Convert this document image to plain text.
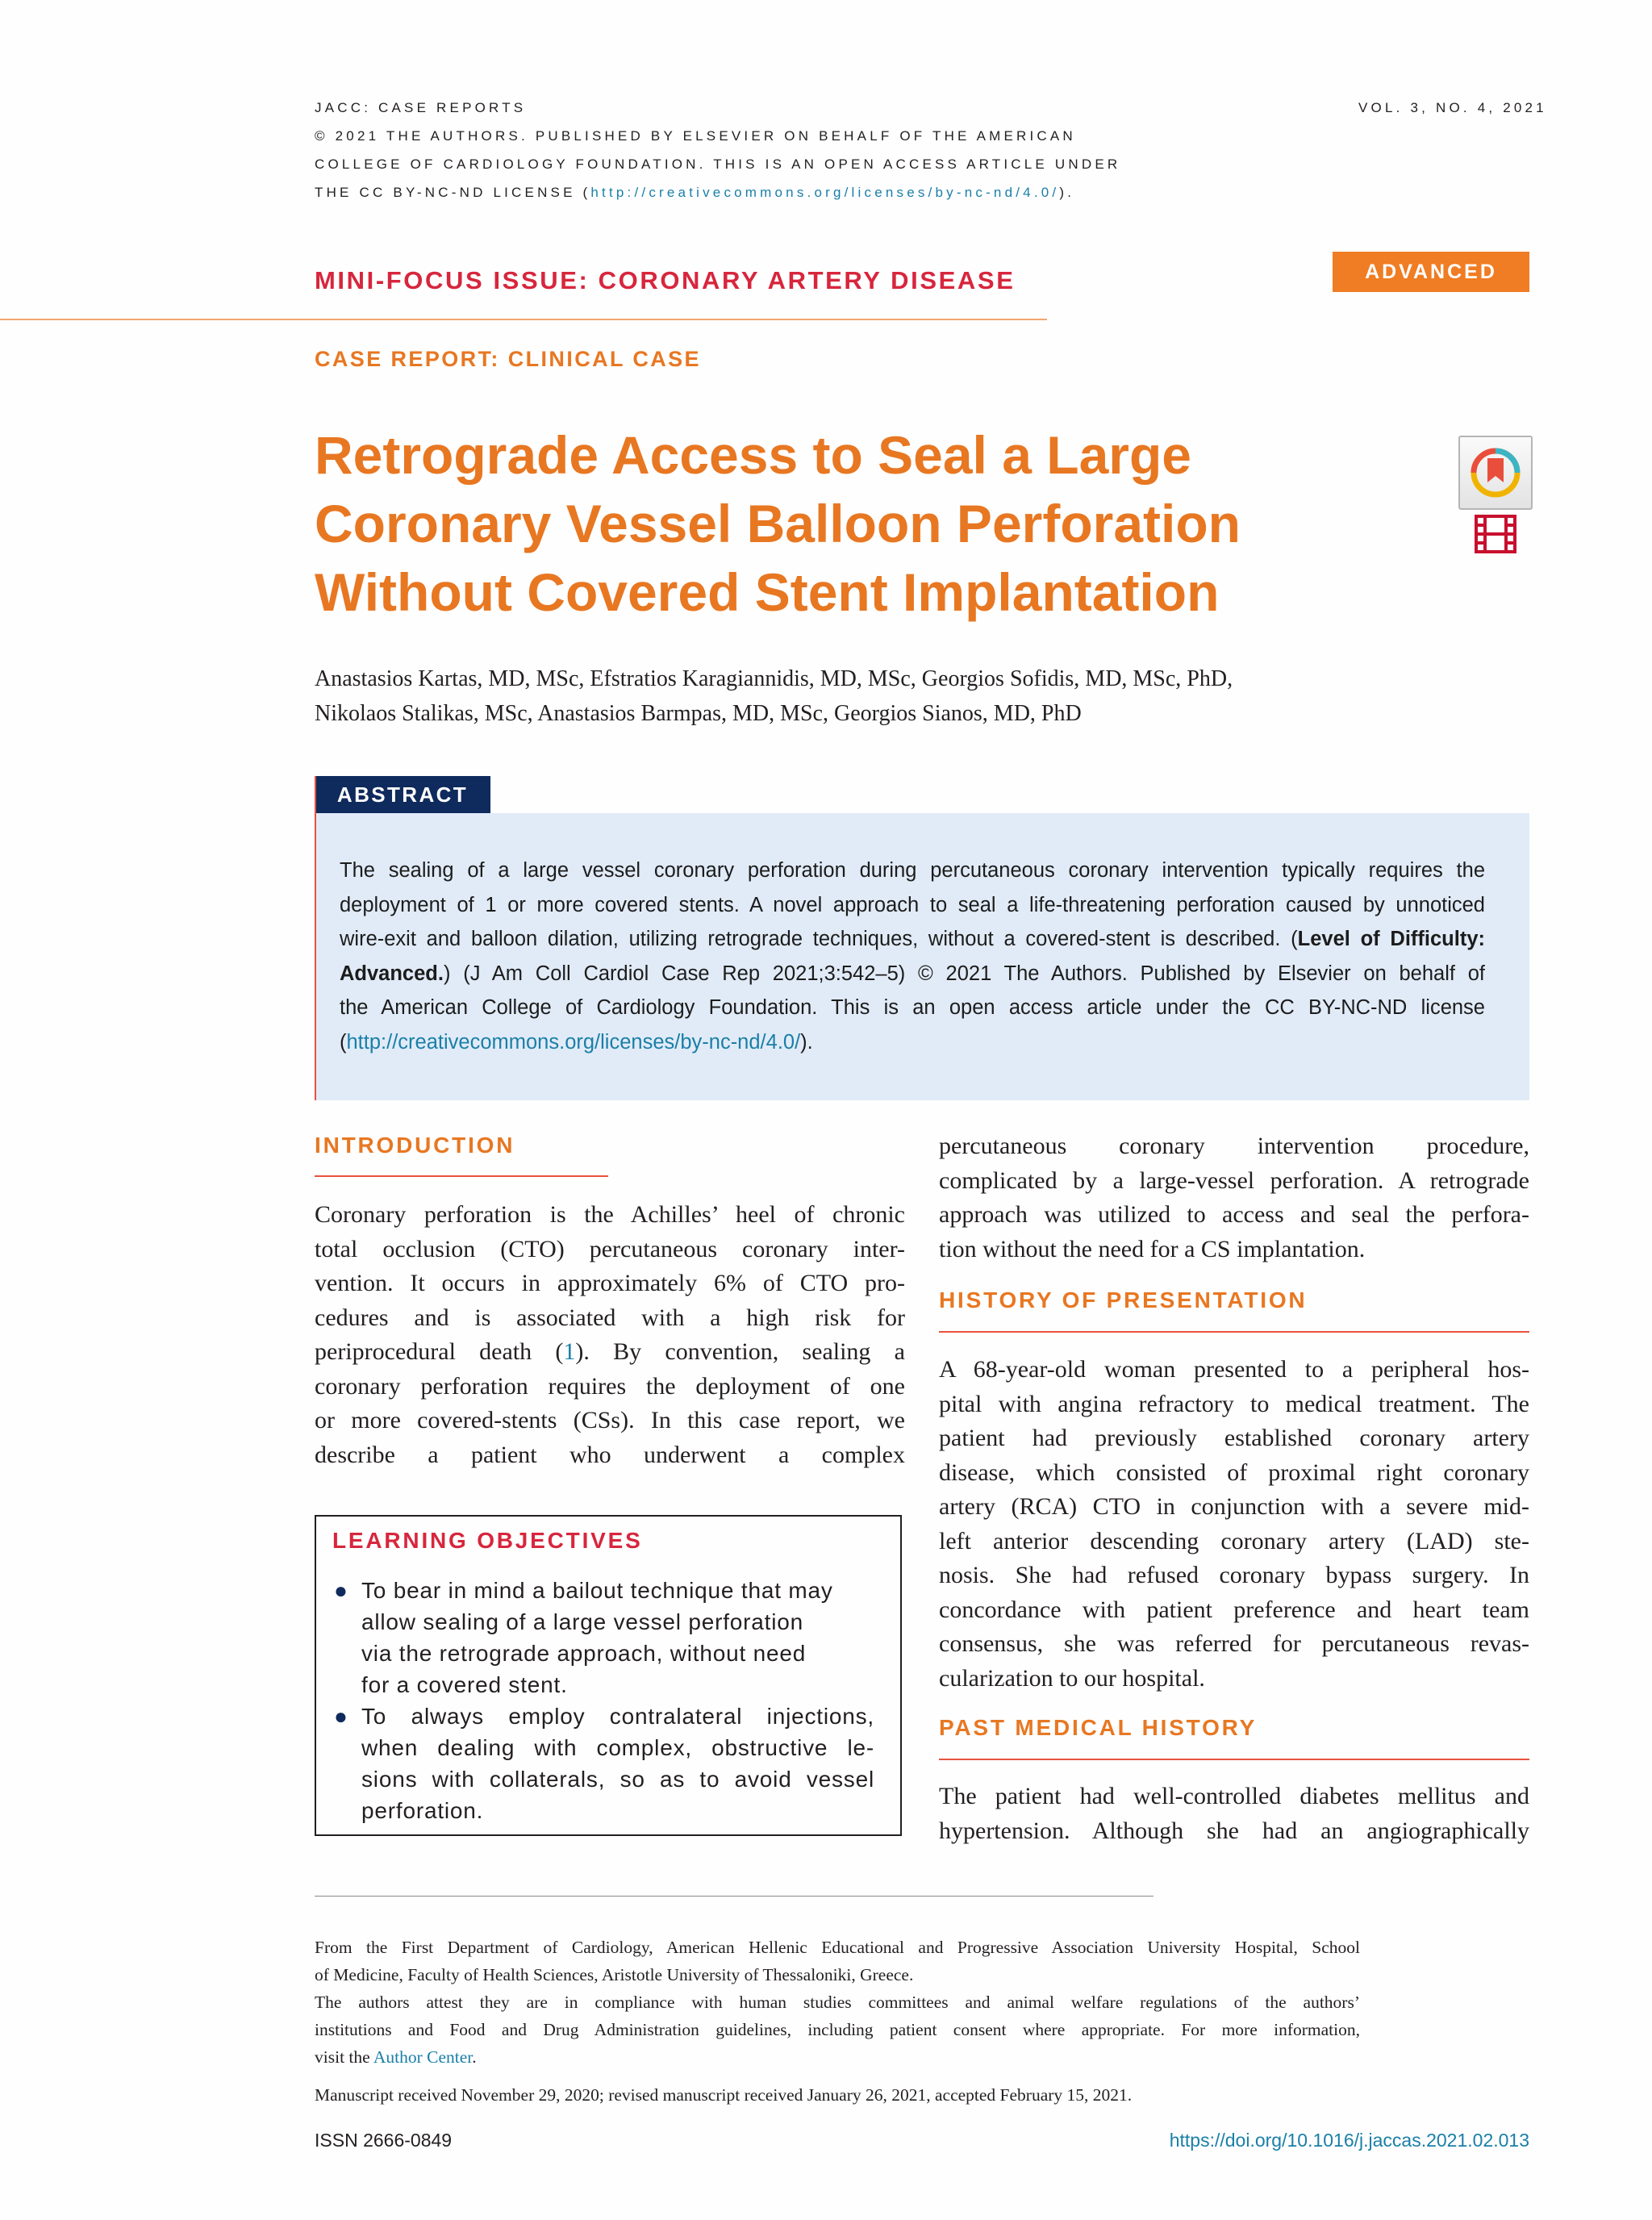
JACC: CASE REPORTS	VOL. 3, NO. 4, 2021
© 2021 THE AUTHORS. PUBLISHED BY ELSEVIER ON BEHALF OF THE AMERICAN
COLLEGE OF CARDIOLOGY FOUNDATION. THIS IS AN OPEN ACCESS ARTICLE UNDER
THE CC BY-NC-ND LICENSE (http://creativecommons.org/licenses/by-nc-nd/4.0/).
MINI-FOCUS ISSUE: CORONARY ARTERY DISEASE	ADVANCED
CASE REPORT: CLINICAL CASE
Retrograde Access to Seal a Large
Coronary Vessel Balloon Perforation
Without Covered Stent Implantation
Anastasios Kartas, MD, MSc, Efstratios Karagiannidis, MD, MSc, Georgios Sofidis, MD, MSc, PhD,
Nikolaos Stalikas, MSc, Anastasios Barmpas, MD, MSc, Georgios Sianos, MD, PhD
ABSTRACT
The sealing of a large vessel coronary perforation during percutaneous coronary intervention typically requires the
deployment of 1 or more covered stents. A novel approach to seal a life-threatening perforation caused by unnoticed
wire-exit and balloon dilation, utilizing retrograde techniques, without a covered-stent is described. (Level of Difficulty:
Advanced.) (J Am Coll Cardiol Case Rep 2021;3:542–5) © 2021 The Authors. Published by Elsevier on behalf of
the American College of Cardiology Foundation. This is an open access article under the CC BY-NC-ND license
(http://creativecommons.org/licenses/by-nc-nd/4.0/).
INTRODUCTION
Coronary perforation is the Achilles’ heel of chronic
total occlusion (CTO) percutaneous coronary inter-
vention. It occurs in approximately 6% of CTO pro-
cedures and is associated with a high risk for
periprocedural death (1). By convention, sealing a
coronary perforation requires the deployment of one
or more covered-stents (CSs). In this case report, we
describe a patient who underwent a complex
LEARNING OBJECTIVES
● To bear in mind a bailout technique that may
allow sealing of a large vessel perforation
via the retrograde approach, without need
for a covered stent.
● To always employ contralateral injections,
when dealing with complex, obstructive le-
sions with collaterals, so as to avoid vessel
perforation.
percutaneous coronary intervention procedure,
complicated by a large-vessel perforation. A retrograde
approach was utilized to access and seal the perfora-
tion without the need for a CS implantation.
HISTORY OF PRESENTATION
A 68-year-old woman presented to a peripheral hos-
pital with angina refractory to medical treatment. The
patient had previously established coronary artery
disease, which consisted of proximal right coronary
artery (RCA) CTO in conjunction with a severe mid-
left anterior descending coronary artery (LAD) ste-
nosis. She had refused coronary bypass surgery. In
concordance with patient preference and heart team
consensus, she was referred for percutaneous revas-
cularization to our hospital.
PAST MEDICAL HISTORY
The patient had well-controlled diabetes mellitus and
hypertension. Although she had an angiographically
From the First Department of Cardiology, American Hellenic Educational and Progressive Association University Hospital, School
of Medicine, Faculty of Health Sciences, Aristotle University of Thessaloniki, Greece.
The authors attest they are in compliance with human studies committees and animal welfare regulations of the authors’
institutions and Food and Drug Administration guidelines, including patient consent where appropriate. For more information,
visit the Author Center.
Manuscript received November 29, 2020; revised manuscript received January 26, 2021, accepted February 15, 2021.
ISSN 2666-0849	https://doi.org/10.1016/j.jaccas.2021.02.013
